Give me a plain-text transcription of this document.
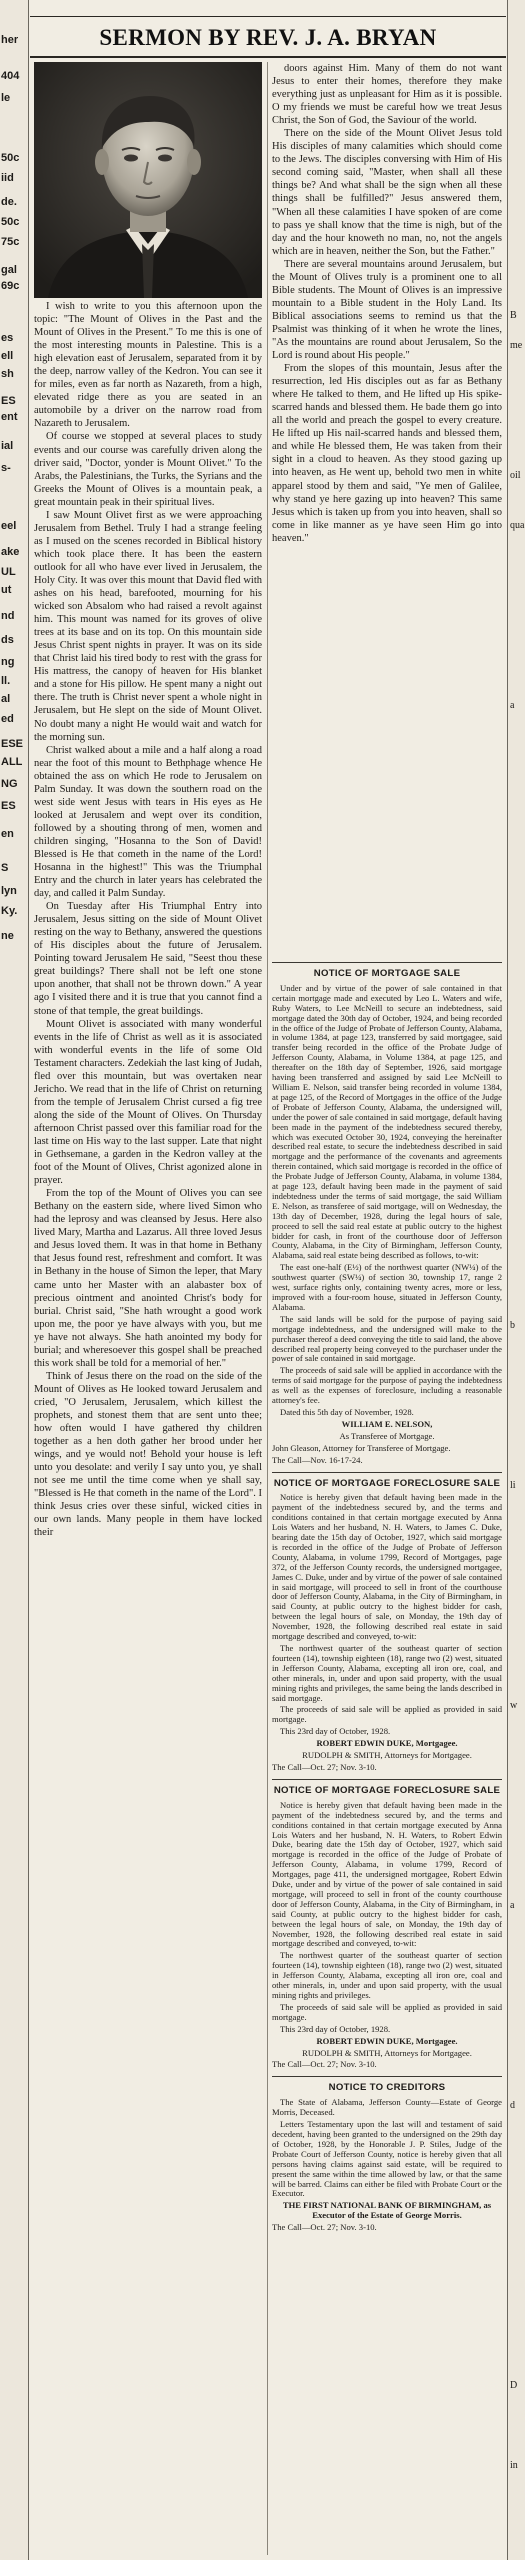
her
404
le
50c
iid
de.
50c
75c
gal
69c
es
ell
sh
ES
ent
ial
s-
eel
ake
UL
ut
nd
ds
ng
ll.
al
ed
ESE
ALL
NG
ES
en
S
lyn
Ky.
ne
B
me
oil
qua
a
b
li
w
a
d
D
in
SERMON BY REV. J. A. BRYAN

I wish to write to you this afternoon upon the topic: "The Mount of Olives in the Past and the Mount of Olives in the Present." To me this is one of the most interesting mounts in Palestine. This is a high elevation east of Jerusalem, separated from it by the deep, narrow valley of the Kedron. You can see it for miles, even as far north as Nazareth, from a high, elevated ridge there as you are seated in an automobile by a driver on the narrow road from Nazareth to Jerusalem.

Of course we stopped at several places to study events and our course was carefully driven along the driver said, "Doctor, yonder is Mount Olivet." To the Arabs, the Palestinians, the Turks, the Syrians and the Greeks the Mount of Olives is a mountain peak, a great mountain peak in their spiritual lives.

I saw Mount Olivet first as we were approaching Jerusalem from Bethel. Truly I had a strange feeling as I mused on the scenes recorded in Biblical history which took place there. It has been the eastern outlook for all who have ever lived in Jerusalem, the Holy City. It was over this mount that David fled with ashes on his head, barefooted, mourning for his wicked son Absalom who had raised a revolt against him. This mount was named for its groves of olive trees at its base and on its top. On this mountain side Jesus Christ spent nights in prayer. It was on its side that Christ laid his tired body to rest with the grass for His mattress, the canopy of heaven for His blanket and a stone for His pillow. He spent many a night out there. The truth is Christ never spent a whole night in Jerusalem, but He slept on the side of Mount Olivet. No doubt many a night He would wait and watch for the morning sun.

Christ walked about a mile and a half along a road near the foot of this mount to Bethphage whence He obtained the ass on which He rode to Jerusalem on Palm Sunday. It was down the southern road on the west side went Jesus with tears in His eyes as He looked at Jerusalem and wept over its condition, followed by a shouting throng of men, women and children singing, "Hosanna to the Son of David! Blessed is He that cometh in the name of the Lord! Hosanna in the highest!" This was the Triumphal Entry and the church in later years has celebrated the day, and called it Palm Sunday.

On Tuesday after His Triumphal Entry into Jerusalem, Jesus sitting on the side of Mount Olivet resting on the way to Bethany, answered the questions of His disciples about the future of Jerusalem. Pointing toward Jerusalem He said, "Seest thou these great buildings? There shall not be left one stone upon another, that shall not be thrown down." A year ago I visited there and it is true that you cannot find a stone of that temple, the great buildings.

Mount Olivet is associated with many wonderful events in the life of Christ as well as it is associated with wonderful events in the life of some Old Testament characters. Zedekiah the last king of Judah, fled over this mountain, but was overtaken near Jericho. We read that in the life of Christ on returning from the temple of Jerusalem Christ cursed a fig tree along the side of the Mount of Olives. On Thursday afternoon Christ passed over this familiar road for the last time on His way to the last supper. Late that night in Gethsemane, a garden in the Kedron valley at the foot of the Mount of Olives, Christ agonized alone in prayer.

From the top of the Mount of Olives you can see Bethany on the eastern side, where lived Simon who had the leprosy and was cleansed by Jesus. Here also lived Mary, Martha and Lazarus. All three loved Jesus and Jesus loved them. It was in that home in Bethany that Jesus found rest, refreshment and comfort. It was in Bethany in the house of Simon the leper, that Mary came unto her Master with an alabaster box of precious ointment and anointed Christ's body for burial. Christ said, "She hath wrought a good work upon me, the poor ye have always with you, but me ye have not always. She hath anointed my body for burial; and wheresoever this gospel shall be preached this work shall be told for a memorial of her."

Think of Jesus there on the road on the side of the Mount of Olives as He looked toward Jerusalem and cried, "O Jerusalem, Jerusalem, which killest the prophets, and stonest them that are sent unto thee; how often would I have gathered thy children together as a hen doth gather her brood under her wings, and ye would not! Behold your house is left unto you desolate: and verily I say unto you, ye shall not see me until the time come when ye shall say, "Blessed is He that cometh in the name of the Lord". I think Jesus cries over these sinful, wicked cities in our own lands. Many people in them have locked their

doors against Him. Many of them do not want Jesus to enter their homes, therefore they make everything just as unpleasant for Him as it is possible. O my friends we must be careful how we treat Jesus Christ, the Son of God, the Saviour of the world.

There on the side of the Mount Olivet Jesus told His disciples of many calamities which should come to the Jews. The disciples conversing with Him of His second coming said, "Master, when shall all these things be? And what shall be the sign when all these things shall be fulfilled?" Jesus answered them, "When all these calamities I have spoken of are come to pass ye shall know that the time is nigh, but of the day and the hour knoweth no man, no, not the angels which are in heaven, neither the Son, but the Father."

There are several mountains around Jerusalem, but the Mount of Olives truly is a prominent one to all Bible students. The Mount of Olives is an impressive mountain to a Bible student in the Holy Land. Its Biblical associations seems to remind us that the Psalmist was thinking of it when he wrote the lines, "As the mountains are round about Jerusalem, So the Lord is round about His people."

From the slopes of this mountain, Jesus after the resurrection, led His disciples out as far as Bethany where He talked to them, and He lifted up His spike-scarred hands and blessed them. He bade them go into all the world and preach the gospel to every creature. He lifted up His nail-scarred hands and blessed them, and while He blessed them, He was taken from their sight in a cloud to heaven. As they stood gazing up into heaven, as He went up, behold two men in white apparel stood by them and said, "Ye men of Galilee, why stand ye here gazing up into heaven? This same Jesus which is taken up from you into heaven, shall so come in like manner as ye have seen Him go into heaven."

NOTICE OF MORTGAGE SALE

Under and by virtue of the power of sale contained in that certain mortgage made and executed by Leo L. Waters and wife, Ruby Waters, to Lee McNeill to secure an indebtedness, said mortgage dated the 30th day of October, 1924, and being recorded in the office of the Judge of Probate of Jefferson County, Alabama, in volume 1384, at page 123, transferred by said mortgagee, said transfer being recorded in the office of the Probate Judge of Jefferson County, Alabama, in Volume 1384, at page 125, and thereafter on the 18th day of September, 1926, said mortgage having been transferred and assigned by said Lee McNeill to William E. Nelson, said transfer being recorded in volume 1384, at page 125, of the Record of Mortgages in the office of the Judge of Probate of Jefferson County, Alabama, the undersigned will, under the power of sale contained in said mortgage, default having been made in the payment of the indebtedness secured thereby, which was executed October 30, 1924, conveying the hereinafter described real estate, to secure the indebtedness described in said mortgage and the performance of the covenants and agreements therein contained, which said mortgage is recorded in the office of the Probate Judge of Jefferson County, Alabama, in volume 1384, at page 123, default having been made in the payment of said indebtedness under the terms of said mortgage, the said William E. Nelson, as transferee of said mortgage, will on Wednesday, the 13th day of December, 1928, during the legal hours of sale, proceed to sell the said real estate at public outcry to the highest bidder for cash, in front of the courthouse door of Jefferson County, Alabama, in the City of Birmingham, Jefferson County, Alabama, said real estate being described as follows, to-wit:

The east one-half (E½) of the northwest quarter (NW¼) of the southwest quarter (SW¼) of section 30, township 17, range 2 west, surface rights only, containing twenty acres, more or less, improved with a four-room house, situated in Jefferson County, Alabama.

The said lands will be sold for the purpose of paying said mortgage indebtedness, and the undersigned will make to the purchaser thereof a deed conveying the title to said land, the above described real property being conveyed to the purchaser under the power of sale contained in said mortgage.

The proceeds of said sale will be applied in accordance with the terms of said mortgage for the purpose of paying the indebtedness as well as the expenses of foreclosure, including a reasonable attorney's fee.

Dated this 5th day of November, 1928.

WILLIAM E. NELSON,

As Transferee of Mortgage.

John Gleason, Attorney for Transferee of Mortgage.

The Call—Nov. 16-17-24.

NOTICE OF MORTGAGE FORECLOSURE SALE

Notice is hereby given that default having been made in the payment of the indebtedness secured by, and the terms and conditions contained in that certain mortgage executed by Anna Lois Waters and her husband, N. H. Waters, to James C. Duke, bearing date the 15th day of October, 1927, which said mortgage is recorded in the office of the Judge of Probate of Jefferson County, Alabama, in volume 1799, Record of Mortgages, page 372, of the Jefferson County records, the undersigned mortgagee, James C. Duke, under and by virtue of the power of sale contained in said mortgage, will proceed to sell in front of the courthouse door of Jefferson County, Alabama, in the City of Birmingham, in said County, at public outcry to the highest bidder for cash, between the legal hours of sale, on Monday, the 19th day of November, 1928, the following described real estate in said mortgage described and conveyed, to-wit:

The northwest quarter of the southeast quarter of section fourteen (14), township eighteen (18), range two (2) west, situated in Jefferson County, Alabama, excepting all iron ore, coal, and other minerals, in, under and upon said property, with the usual mining rights and privileges, the same being the lands described in said mortgage.

The proceeds of said sale will be applied as provided in said mortgage.

This 23rd day of October, 1928.

ROBERT EDWIN DUKE, Mortgagee.

RUDOLPH & SMITH, Attorneys for Mortgagee.

The Call—Oct. 27; Nov. 3-10.

NOTICE OF MORTGAGE FORECLOSURE SALE

Notice is hereby given that default having been made in the payment of the indebtedness secured by, and the terms and conditions contained in that certain mortgage executed by Anna Lois Waters and her husband, N. H. Waters, to Robert Edwin Duke, bearing date the 15th day of October, 1927, which said mortgage is recorded in the office of the Judge of Probate of Jefferson County, Alabama, in volume 1799, Record of Mortgages, page 411, the undersigned mortgagee, Robert Edwin Duke, under and by virtue of the power of sale contained in said mortgage, will proceed to sell in front of the county courthouse door of Jefferson County, Alabama, in the City of Birmingham, in said County, at public outcry to the highest bidder for cash, between the legal hours of sale, on Monday, the 19th day of November, 1928, the following described real estate in said mortgage described and conveyed, to-wit:

The northwest quarter of the southeast quarter of section fourteen (14), township eighteen (18), range two (2) west, situated in Jefferson County, Alabama, excepting all iron ore, coal and other minerals, in, under and upon said property, with the usual mining rights and privileges.

The proceeds of said sale will be applied as provided in said mortgage.

This 23rd day of October, 1928.

ROBERT EDWIN DUKE, Mortgagee.

RUDOLPH & SMITH, Attorneys for Mortgagee.

The Call—Oct. 27; Nov. 3-10.

NOTICE TO CREDITORS

The State of Alabama, Jefferson County—Estate of George Morris, Deceased.

Letters Testamentary upon the last will and testament of said decedent, having been granted to the undersigned on the 29th day of October, 1928, by the Honorable J. P. Stiles, Judge of the Probate Court of Jefferson County, notice is hereby given that all persons having claims against said estate, will be required to present the same within the time allowed by law, or that the same will be barred. Claims can either be filed with Probate Court or the Executor.

THE FIRST NATIONAL BANK OF BIRMINGHAM, as Executor of the Estate of George Morris.

The Call—Oct. 27; Nov. 3-10.
